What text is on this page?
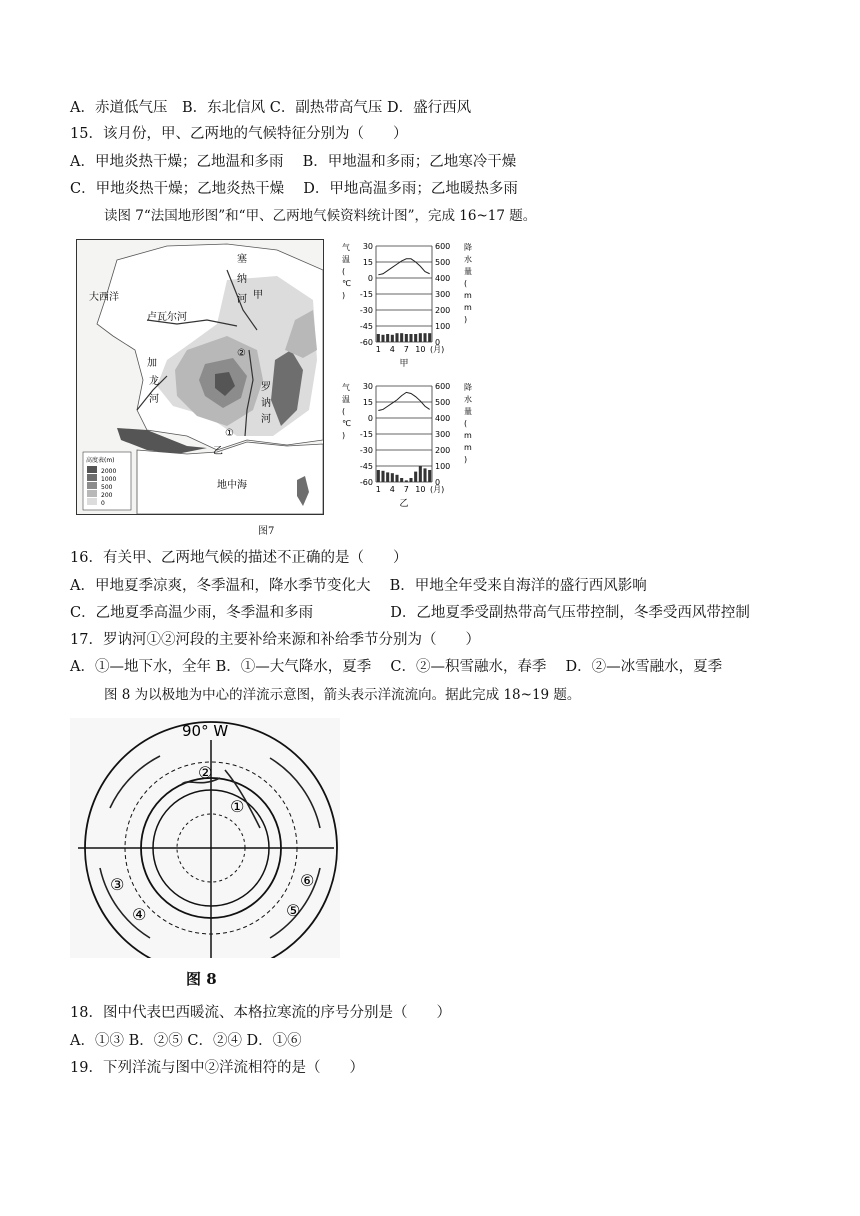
A．赤道低气压　B．东北信风 C．副热带高气压 D．盛行西风
15．该月份，甲、乙两地的气候特征分别为（　　）
A．甲地炎热干燥；乙地温和多雨　 B．甲地温和多雨；乙地寒冷干燥
C．甲地炎热干燥；乙地炎热干燥　 D．甲地高温多雨；乙地暖热多雨
读图 7“法国地形图”和“甲、乙两地气候资料统计图”，完成 16~17 题。
大西洋
地中海
塞
纳
河
卢瓦尔河
加
龙
河
罗
讷
河
甲
乙
①
②
高度表(m)
2000
1000
500
200
0
30	600
15	500
0	400
-15	300
-30	200
-45	100
-60	0
气
温
(
℃
)
降
水
量
(
m
m
)
1 4 7 10 (月)
甲
30	600
15	500
0	400
-15	300
-30	200
-45	100
-60	0
气
温
(
℃
)
降
水
量
(
m
m
)
1 4 7 10 (月)
乙
图7
16．有关甲、乙两地气候的描述不正确的是（　　）
A．甲地夏季凉爽，冬季温和，降水季节变化大　 B．甲地全年受来自海洋的盛行西风影响
C．乙地夏季高温少雨，冬季温和多雨　　　　　 D．乙地夏季受副热带高气压带控制，冬季受西风带控制
17．罗讷河①②河段的主要补给来源和补给季节分别为（　　）
A．①—地下水，全年 B．①—大气降水，夏季　 C．②—积雪融水，春季　 D．②—冰雪融水，夏季
图 8 为以极地为中心的洋流示意图，箭头表示洋流流向。据此完成 18~19 题。
90° W
②
①
③
④	⑤
⑥
图 8
18．图中代表巴西暖流、本格拉寒流的序号分别是（　　）
A．①③ B．②⑤ C．②④ D．①⑥
19．下列洋流与图中②洋流相符的是（　　）
